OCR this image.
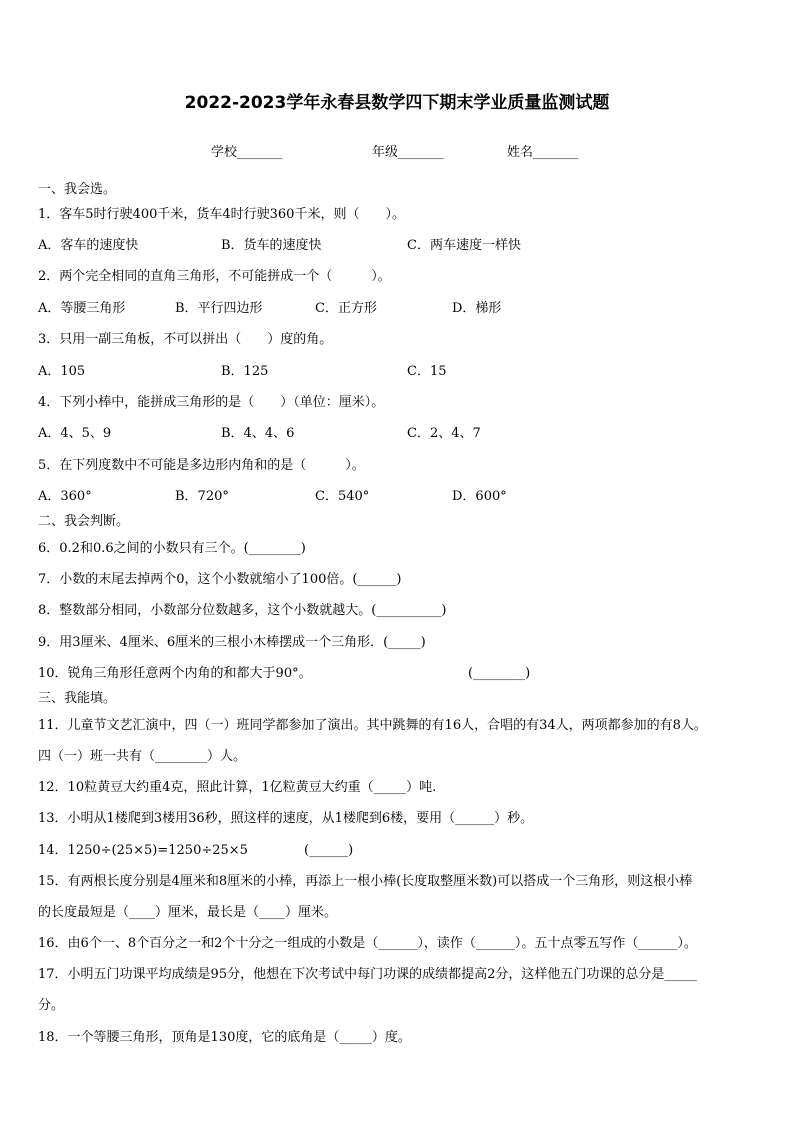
2022-2023学年永春县数学四下期末学业质量监测试题
学校_______	年级_______	姓名_______
一、我会选。
1．客车5时行驶400千米，货车4时行驶360千米，则（　　）。
A．客车的速度快	B．货车的速度快	C．两车速度一样快
2．两个完全相同的直角三角形，不可能拼成一个（　　　）。
A．等腰三角形	B．平行四边形	C．正方形	D．梯形
3．只用一副三角板，不可以拼出（　　）度的角。
A．105	B．125	C．15
4．下列小棒中，能拼成三角形的是（　　）（单位：厘米）。
A．4、5、9	B．4、4、6	C．2、4、7
5．在下列度数中不可能是多边形内角和的是（　　　）。
A．360°	B．720°	C．540°	D．600°
二、我会判断。
6．0.2和0.6之间的小数只有三个。(________)
7．小数的末尾去掉两个0，这个小数就缩小了100倍。(______)
8．整数部分相同，小数部分位数越多，这个小数就越大。(__________)
9．用3厘米、4厘米、6厘米的三根小木棒摆成一个三角形．(_____)
10．锐角三角形任意两个内角的和都大于90°。	(________)
三、我能填。
11．儿童节文艺汇演中，四（一）班同学都参加了演出。其中跳舞的有16人，合唱的有34人，两项都参加的有8人。
四（一）班一共有（________）人。
12．10粒黄豆大约重4克，照此计算，1亿粒黄豆大约重（_____）吨.
13．小明从1楼爬到3楼用36秒，照这样的速度，从1楼爬到6楼，要用（______）秒。
14．1250÷(25×5)=1250÷25×5	(______)
15．有两根长度分别是4厘米和8厘米的小棒，再添上一根小棒(长度取整厘米数)可以搭成一个三角形，则这根小棒
的长度最短是（____）厘米，最长是（____）厘米。
16．由6个一、8个百分之一和2个十分之一组成的小数是（______），读作（______）。五十点零五写作（______）。
17．小明五门功课平均成绩是95分，他想在下次考试中每门功课的成绩都提高2分，这样他五门功课的总分是_____
分。
18．一个等腰三角形，顶角是130度，它的底角是（_____）度。
